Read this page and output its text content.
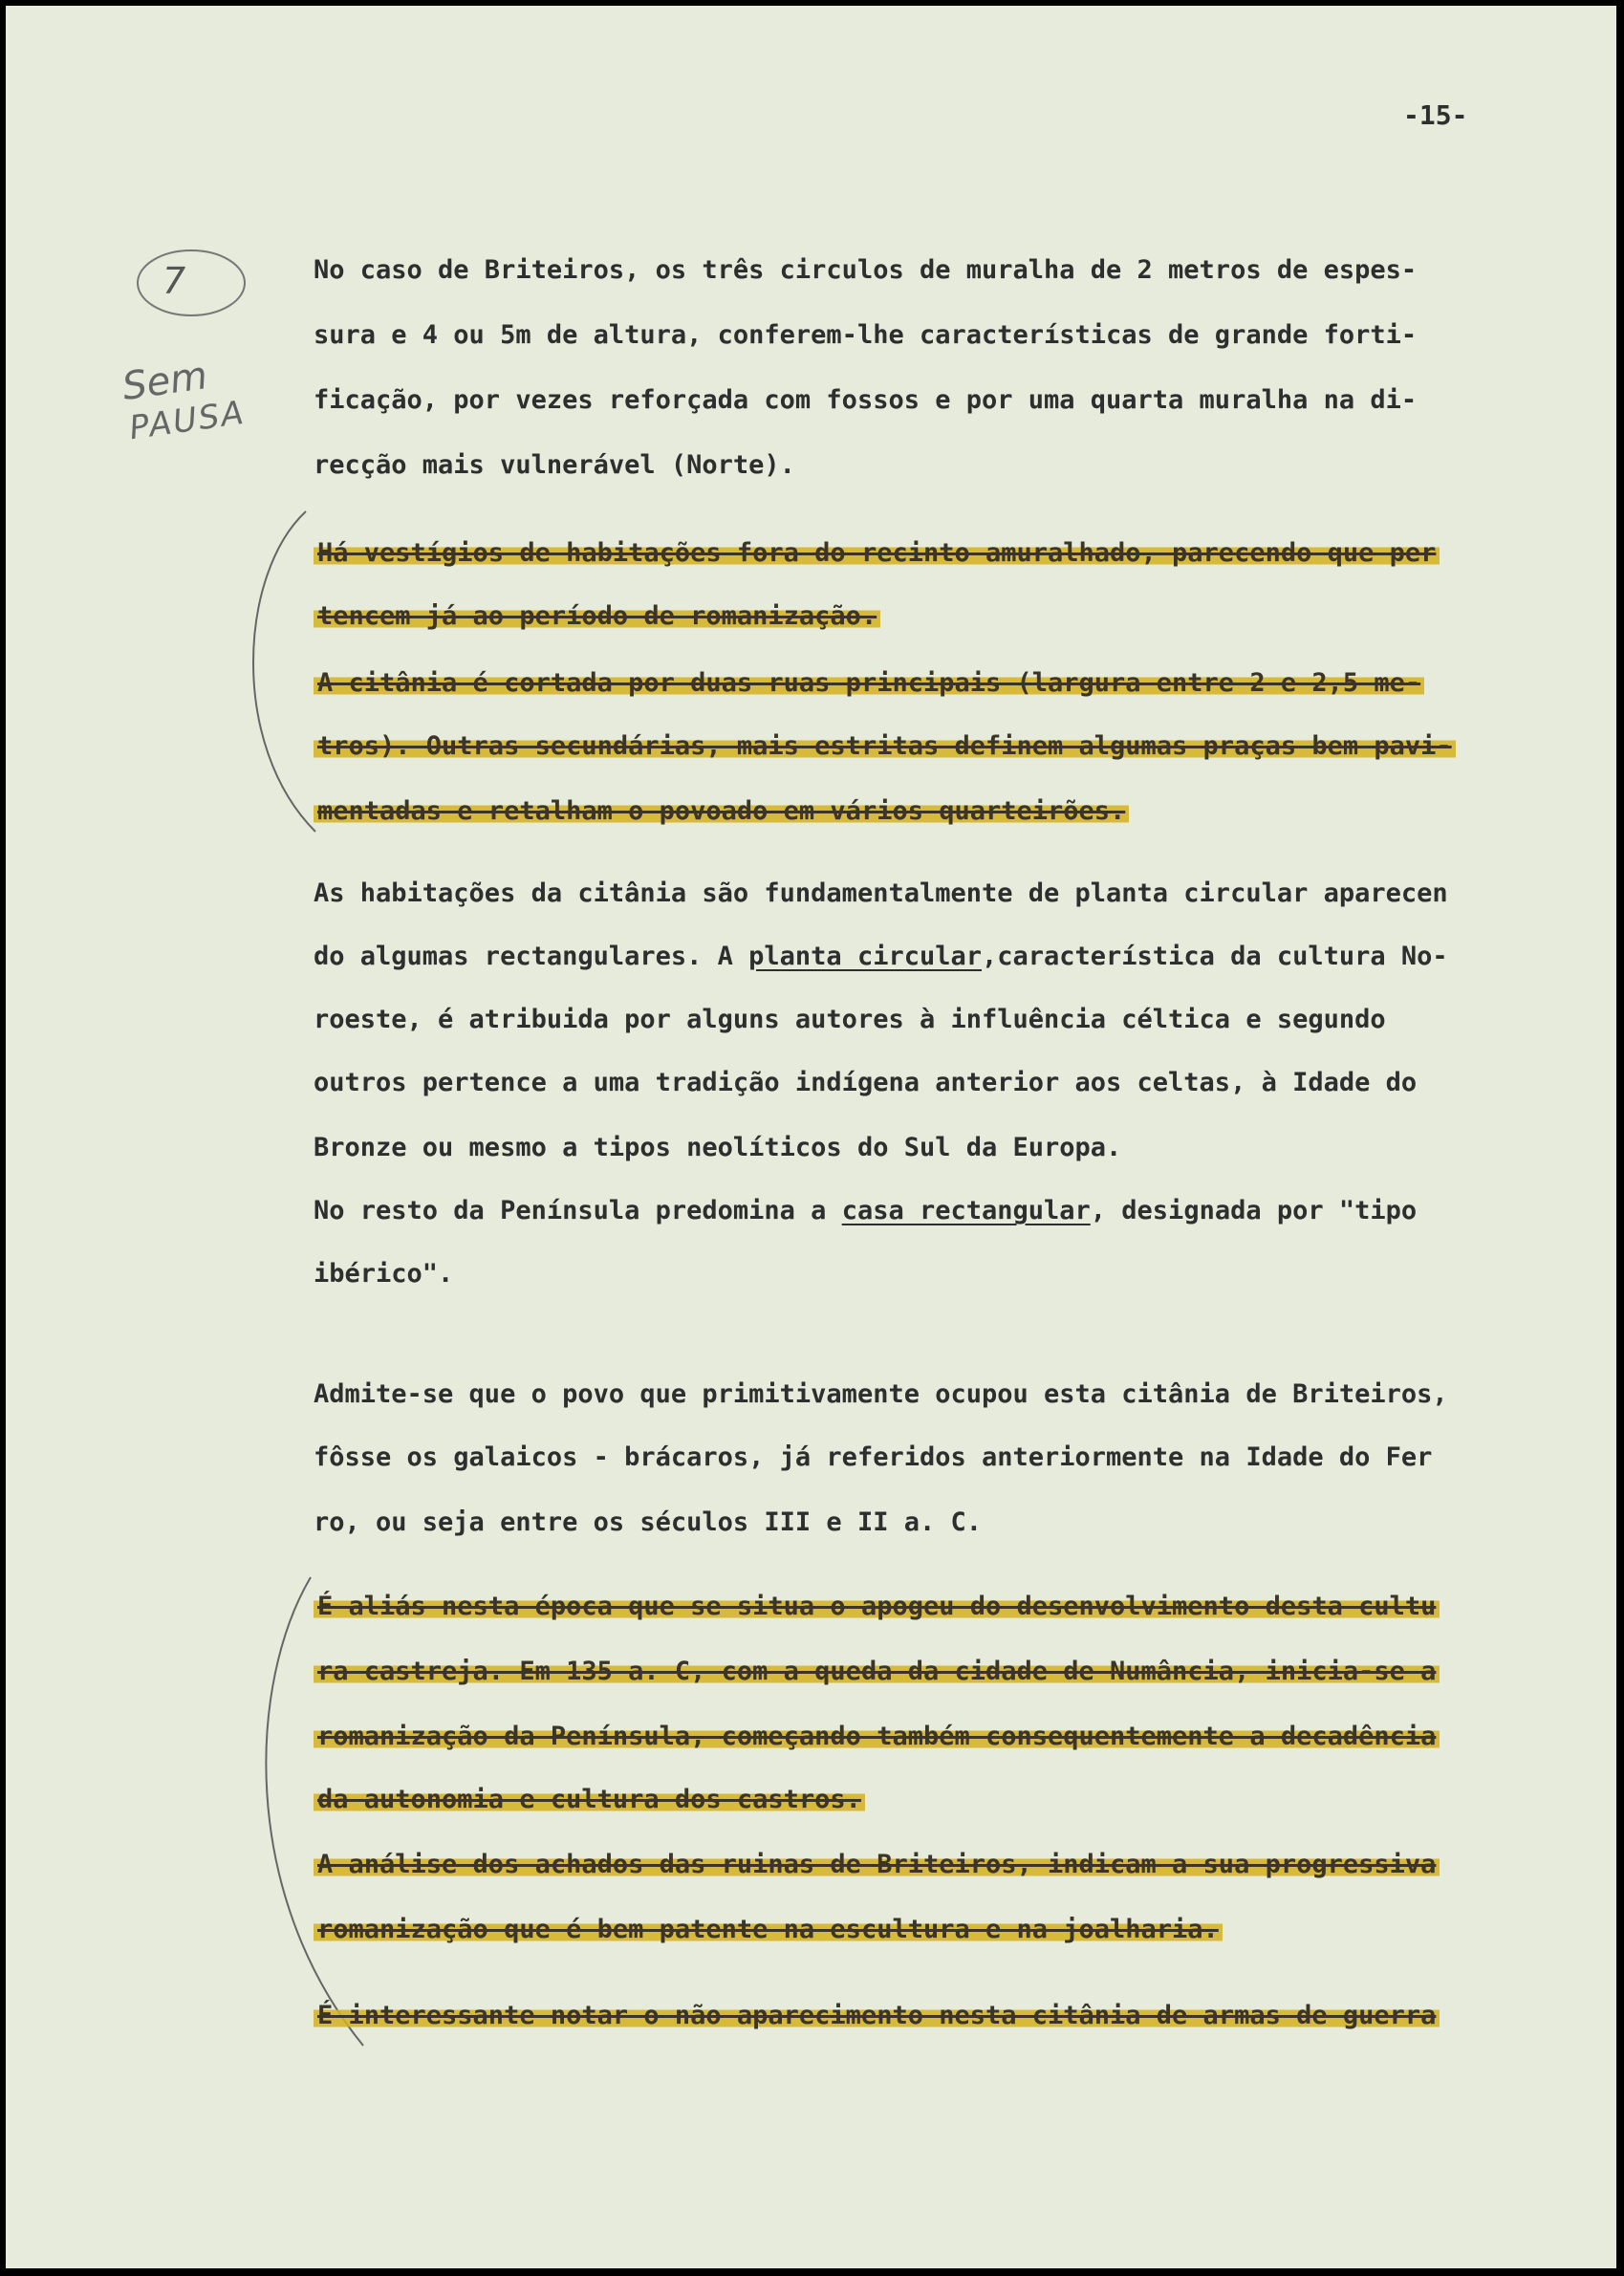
-15-
7
Sem
PAUSA
No caso de Briteiros, os três circulos de muralha de 2 metros de espes-
sura e 4 ou 5m de altura, conferem-lhe características de grande forti-
ficação, por vezes reforçada com fossos e por uma quarta muralha na di-
recção mais vulnerável (Norte).
Há vestígios de habitações fora do recinto amuralhado, parecendo que per
tencem já ao período de romanização.
A citânia é cortada por duas ruas principais (largura entre 2 e 2,5 me-
tros). Outras secundárias, mais estritas definem algumas praças bem pavi-
mentadas e retalham o povoado em vários quarteirões.
As habitações da citânia são fundamentalmente de planta circular aparecen
do algumas rectangulares. A planta circular,característica da cultura No-
roeste, é atribuida por alguns autores à influência céltica e segundo
outros pertence a uma tradição indígena anterior aos celtas, à Idade do
Bronze ou mesmo a tipos neolíticos do Sul da Europa.
No resto da Península predomina a casa rectangular, designada por "tipo
ibérico".
Admite-se que o povo que primitivamente ocupou esta citânia de Briteiros,
fôsse os galaicos - brácaros, já referidos anteriormente na Idade do Fer
ro, ou seja entre os séculos III e II a. C.
É aliás nesta época que se situa o apogeu do desenvolvimento desta cultu
ra castreja. Em 135 a. C, com a queda da cidade de Numância, inicia-se a
romanização da Península, começando também consequentemente a decadência
da autonomia e cultura dos castros.
A análise dos achados das ruinas de Briteiros, indicam a sua progressiva
romanização que é bem patente na escultura e na joalharia.
É interessante notar o não aparecimento nesta citânia de armas de guerra
